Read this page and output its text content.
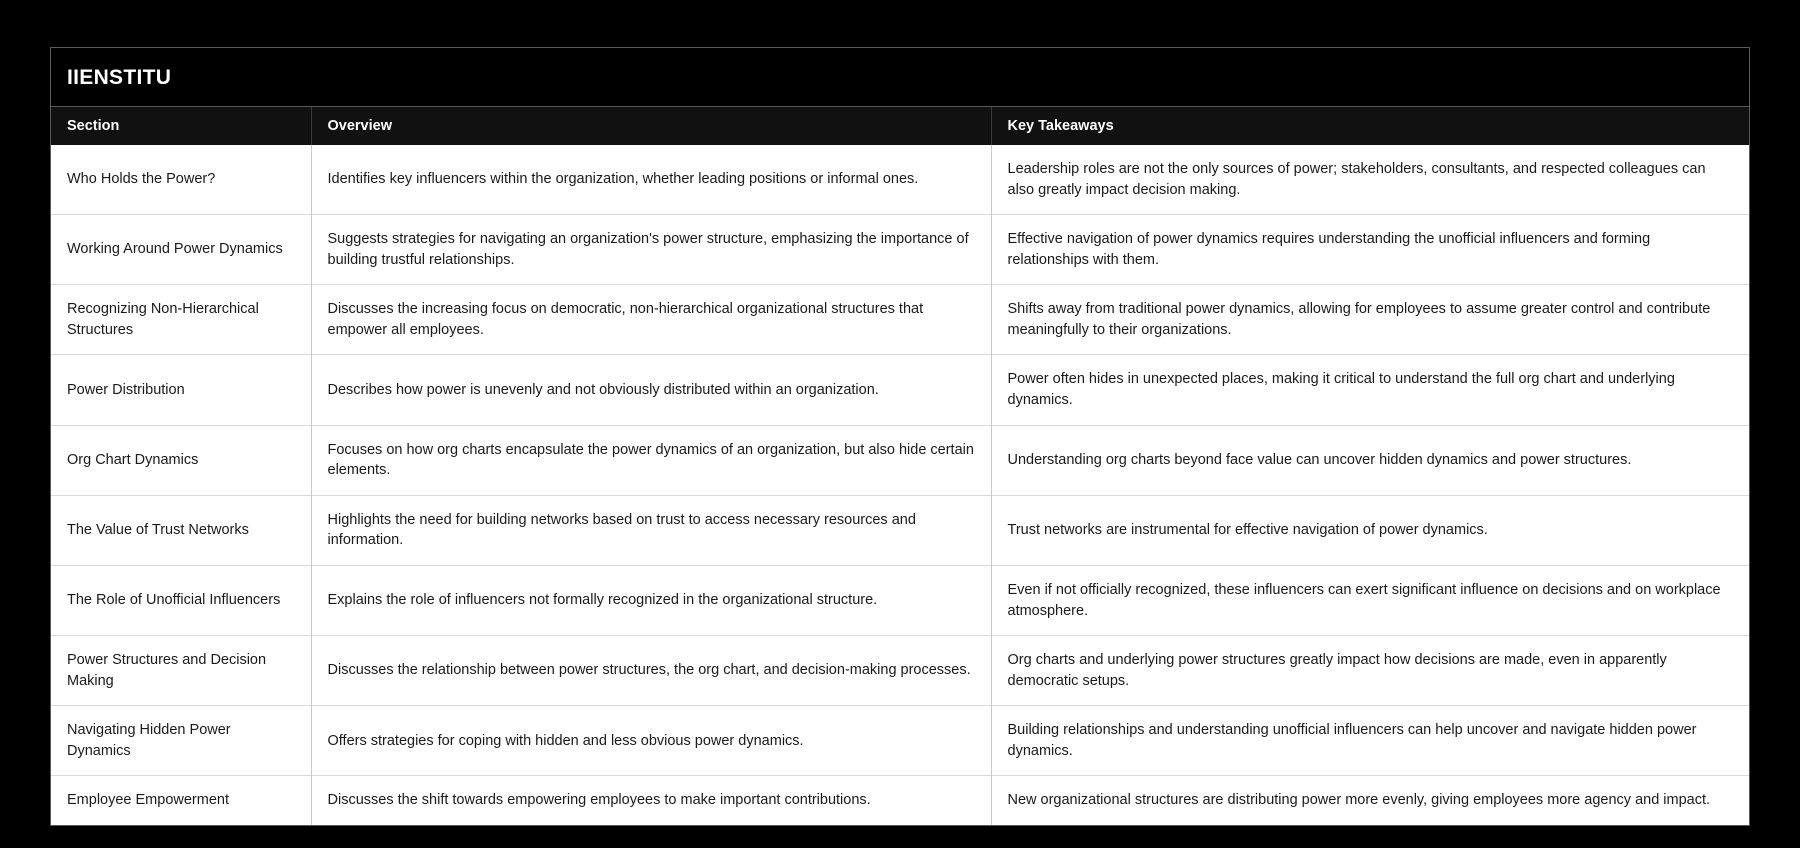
IIENSTITU
Section	Overview	Key Takeaways
Who Holds the Power?	Identifies key influencers within the organization, whether leading positions or informal ones.	Leadership roles are not the only sources of power; stakeholders, consultants, and respected colleagues can also greatly impact decision making.
Working Around Power Dynamics	Suggests strategies for navigating an organization's power structure, emphasizing the importance of building trustful relationships.	Effective navigation of power dynamics requires understanding the unofficial influencers and forming relationships with them.
Recognizing Non-Hierarchical Structures	Discusses the increasing focus on democratic, non-hierarchical organizational structures that empower all employees.	Shifts away from traditional power dynamics, allowing for employees to assume greater control and contribute meaningfully to their organizations.
Power Distribution	Describes how power is unevenly and not obviously distributed within an organization.	Power often hides in unexpected places, making it critical to understand the full org chart and underlying dynamics.
Org Chart Dynamics	Focuses on how org charts encapsulate the power dynamics of an organization, but also hide certain elements.	Understanding org charts beyond face value can uncover hidden dynamics and power structures.
The Value of Trust Networks	Highlights the need for building networks based on trust to access necessary resources and information.	Trust networks are instrumental for effective navigation of power dynamics.
The Role of Unofficial Influencers	Explains the role of influencers not formally recognized in the organizational structure.	Even if not officially recognized, these influencers can exert significant influence on decisions and on workplace atmosphere.
Power Structures and Decision Making	Discusses the relationship between power structures, the org chart, and decision-making processes.	Org charts and underlying power structures greatly impact how decisions are made, even in apparently democratic setups.
Navigating Hidden Power Dynamics	Offers strategies for coping with hidden and less obvious power dynamics.	Building relationships and understanding unofficial influencers can help uncover and navigate hidden power dynamics.
Employee Empowerment	Discusses the shift towards empowering employees to make important contributions.	New organizational structures are distributing power more evenly, giving employees more agency and impact.
